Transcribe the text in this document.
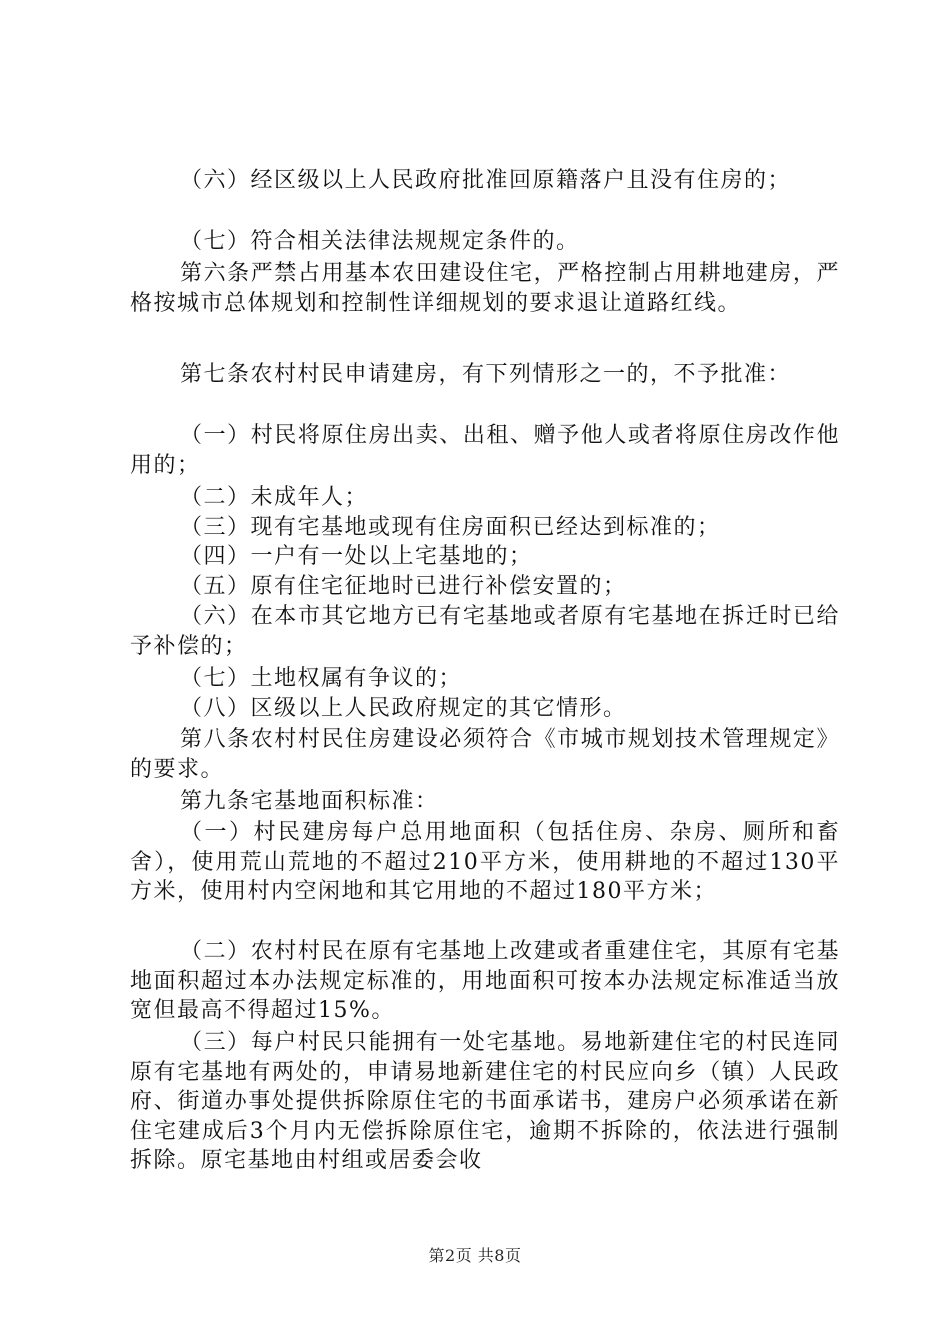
（六）经区级以上人民政府批准回原籍落户且没有住房的；

（七）符合相关法律法规规定条件的。

第六条严禁占用基本农田建设住宅，严格控制占用耕地建房，严格按城市总体规划和控制性详细规划的要求退让道路红线。

第七条农村村民申请建房，有下列情形之一的，不予批准：

（一）村民将原住房出卖、出租、赠予他人或者将原住房改作他用的；

（二）未成年人；

（三）现有宅基地或现有住房面积已经达到标准的；

（四）一户有一处以上宅基地的；

（五）原有住宅征地时已进行补偿安置的；

（六）在本市其它地方已有宅基地或者原有宅基地在拆迁时已给予补偿的；

（七）土地权属有争议的；

（八）区级以上人民政府规定的其它情形。

第八条农村村民住房建设必须符合《市城市规划技术管理规定》的要求。

第九条宅基地面积标准：

（一）村民建房每户总用地面积（包括住房、杂房、厕所和畜舍），使用荒山荒地的不超过210平方米，使用耕地的不超过130平方米，使用村内空闲地和其它用地的不超过180平方米；

（二）农村村民在原有宅基地上改建或者重建住宅，其原有宅基地面积超过本办法规定标准的，用地面积可按本办法规定标准适当放宽但最高不得超过15%。

（三）每户村民只能拥有一处宅基地。易地新建住宅的村民连同原有宅基地有两处的，申请易地新建住宅的村民应向乡（镇）人民政府、街道办事处提供拆除原住宅的书面承诺书，建房户必须承诺在新住宅建成后3个月内无偿拆除原住宅，逾期不拆除的，依法进行强制拆除。原宅基地由村组或居委会收

第2页 共8页
